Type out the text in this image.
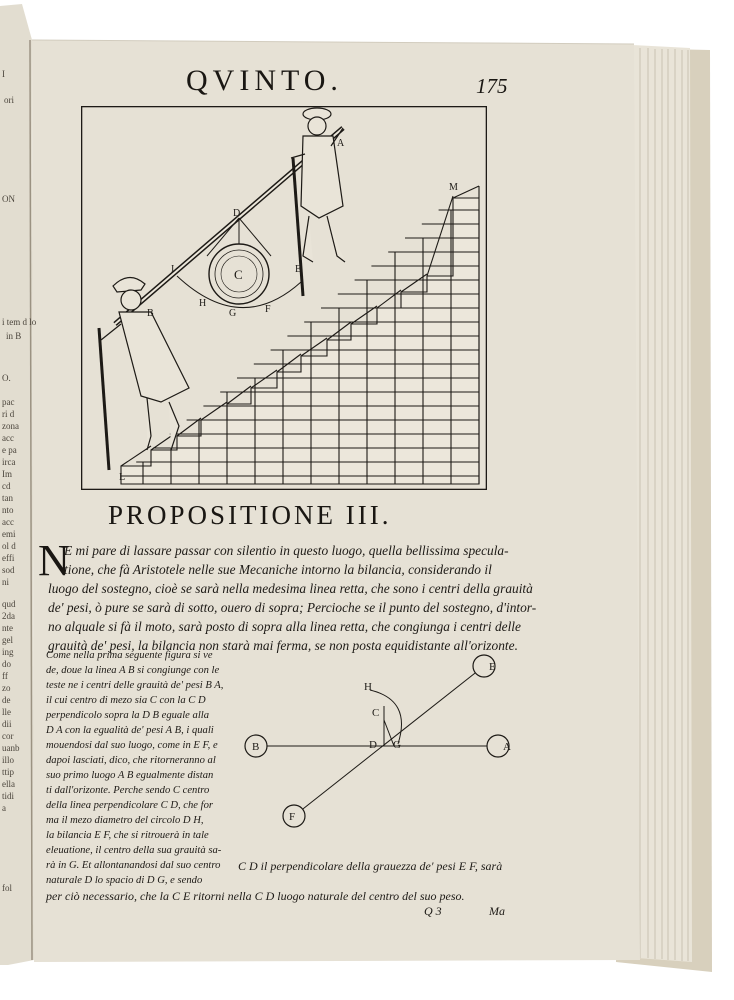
I
ori
ON
i tem d lo
in B
O.
pac
ri d
zona
acc
e pa
irca
Im
cd
tan
nto
acc
emi
ol d
effi
sod
ni
qud
2da
nte
gel
ing
do
ff
zo
de
lle
dii
cor
uanb
illo
ttip
ella
tidi
a
fol
QVINTO.	175
D
A
C
I	E
H
G	F
B
M
L
PROPOSITIONE III.
N
E mi pare di lassare passar con silentio in questo luogo, quella bellissima specula-
tione, che fà Aristotele nelle sue Mecaniche intorno la bilancia, considerando il
luogo del sostegno, cioè se sarà nella medesima linea retta, che sono i centri della grauità
de' pesi, ò pure se sarà di sotto, ouero di sopra; Percioche se il punto del sostegno, d'intor-
no alquale si fà il moto, sarà posto di sopra alla linea retta, che congiunga i centri delle
grauità de' pesi, la bilancia non starà mai ferma, se non posta equidistante all'orizonte.
Come nella prima seguente figura si ve
de, doue la linea A B si congiunge con le
teste ne i centri delle grauità de' pesi B A,
il cui centro di mezo sia C con la C D
perpendicolo sopra la D B eguale alla
D A con la egualità de' pesi A B, i quali
mouendosi dal suo luogo, come in E F, e
dapoi lasciati, dico, che ritorneranno al
suo primo luogo A B egualmente distan
ti dall'orizonte. Perche sendo C centro
della linea perpendicolare C D, che for
ma il mezo diametro del circolo D H,
la bilancia E F, che si ritrouerà in tale
eleuatione, il centro della sua grauità sa-
rà in G. Et allontanandosi dal suo centro
naturale D lo spacio di D G, e sendo
E
H
C
B	D G	A
F
C D il perpendicolare della grauezza de' pesi E F, sarà
per ciò necessario, che la C E ritorni nella C D luogo naturale del centro del suo peso.
Q 3	Ma
